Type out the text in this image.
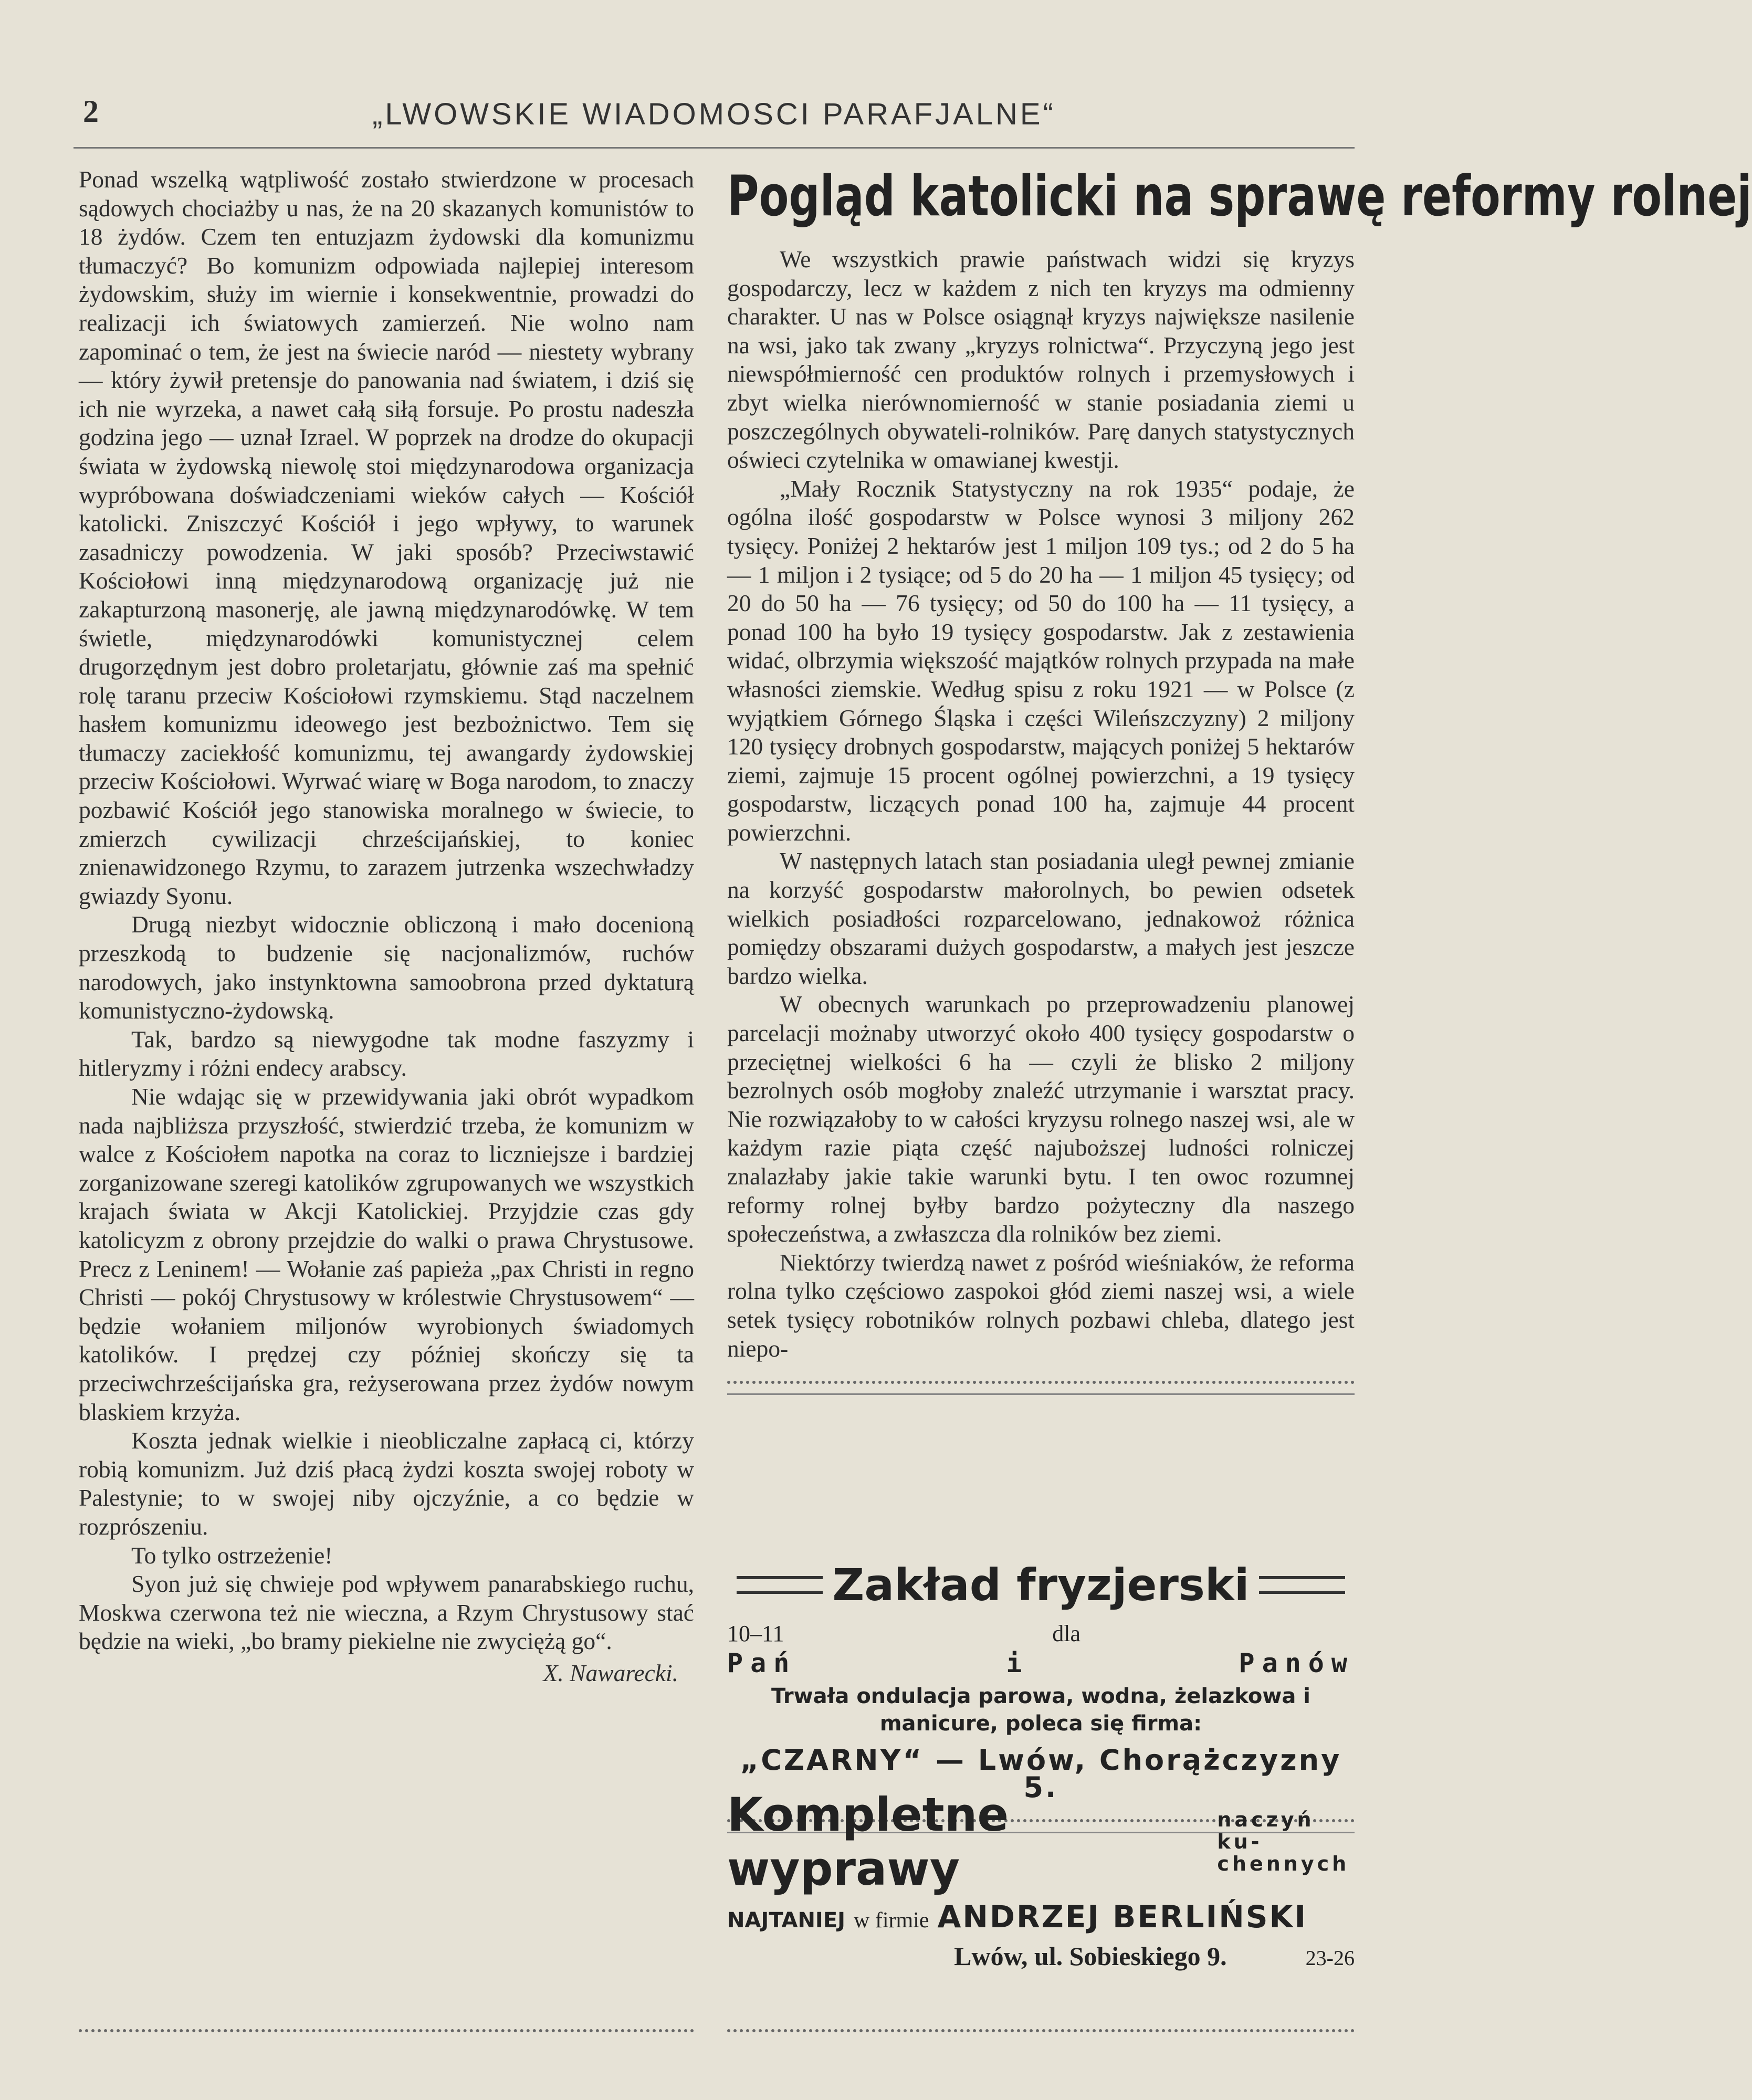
2	„LWOWSKIE WIADOMOSCI PARAFJALNE“

Ponad wszelką wątpliwość zostało stwierdzone w procesach sądowych chociażby u nas, że na 20 skazanych komunistów to 18 żydów. Czem ten entuzjazm żydowski dla komunizmu tłumaczyć? Bo komunizm odpowiada najlepiej interesom żydowskim, służy im wiernie i konsekwentnie, prowadzi do realizacji ich światowych zamierzeń. Nie wolno nam zapominać o tem, że jest na świecie naród — niestety wybrany — który żywił pretensje do panowania nad światem, i dziś się ich nie wyrzeka, a nawet całą siłą forsuje. Po prostu nadeszła godzina jego — uznał Izrael. W poprzek na drodze do okupacji świata w żydowską niewolę stoi międzynarodowa organizacja wypróbowana doświadczeniami wieków całych — Kościół katolicki. Zniszczyć Kościół i jego wpływy, to warunek zasadniczy powodzenia. W jaki sposób? Przeciwstawić Kościołowi inną międzynarodową organizację już nie zakapturzoną masonerję, ale jawną międzynarodówkę. W tem świetle, międzynarodówki komunistycznej celem drugorzędnym jest dobro proletarjatu, głównie zaś ma spełnić rolę taranu przeciw Kościołowi rzymskiemu. Stąd naczelnem hasłem komunizmu ideowego jest bezbożnictwo. Tem się tłumaczy zaciekłość komunizmu, tej awangardy żydowskiej przeciw Kościołowi. Wyrwać wiarę w Boga narodom, to znaczy pozbawić Kościół jego stanowiska moralnego w świecie, to zmierzch cywilizacji chrześcijańskiej, to koniec znienawidzonego Rzymu, to zarazem jutrzenka wszechwładzy gwiazdy Syonu.

Drugą niezbyt widocznie obliczoną i mało docenioną przeszkodą to budzenie się nacjonalizmów, ruchów narodowych, jako instynktowna samoobrona przed dyktaturą komunistyczno-żydowską.

Tak, bardzo są niewygodne tak modne faszyzmy i hitleryzmy i różni endecy arabscy.

Nie wdając się w przewidywania jaki obrót wypadkom nada najbliższa przyszłość, stwierdzić trzeba, że komunizm w walce z Kościołem napotka na coraz to liczniejsze i bardziej zorganizowane szeregi katolików zgrupowanych we wszystkich krajach świata w Akcji Katolickiej. Przyjdzie czas gdy katolicyzm z obrony przejdzie do walki o prawa Chrystusowe. Precz z Leninem! — Wołanie zaś papieża „pax Christi in regno Christi — pokój Chrystusowy w królestwie Chrystusowem“ — będzie wołaniem miljonów wyrobionych świadomych katolików. I prędzej czy później skończy się ta przeciwchrześcijańska gra, reżyserowana przez żydów nowym blaskiem krzyża.

Koszta jednak wielkie i nieobliczalne zapłacą ci, którzy robią komunizm. Już dziś płacą żydzi koszta swojej roboty w Palestynie; to w swojej niby ojczyźnie, a co będzie w rozprószeniu.

To tylko ostrzeżenie!

Syon już się chwieje pod wpływem panarabskiego ruchu, Moskwa czerwona też nie wieczna, a Rzym Chrystusowy stać będzie na wieki, „bo bramy piekielne nie zwyciężą go“.

X. Nawarecki.
Pogląd katolicki na sprawę reformy rolnej

We wszystkich prawie państwach widzi się kryzys gospodarczy, lecz w każdem z nich ten kryzys ma odmienny charakter. U nas w Polsce osiągnął kryzys największe nasilenie na wsi, jako tak zwany „kryzys rolnictwa“. Przyczyną jego jest niewspółmierność cen produktów rolnych i przemysłowych i zbyt wielka nierównomierność w stanie posiadania ziemi u poszczególnych obywateli-rolników. Parę danych statystycznych oświeci czytelnika w omawianej kwestji.

„Mały Rocznik Statystyczny na rok 1935“ podaje, że ogólna ilość gospodarstw w Polsce wynosi 3 miljony 262 tysięcy. Poniżej 2 hektarów jest 1 miljon 109 tys.; od 2 do 5 ha — 1 miljon i 2 tysiące; od 5 do 20 ha — 1 miljon 45 tysięcy; od 20 do 50 ha — 76 tysięcy; od 50 do 100 ha — 11 tysięcy, a ponad 100 ha było 19 tysięcy gospodarstw. Jak z zestawienia widać, olbrzymia większość majątków rolnych przypada na małe własności ziemskie. Według spisu z roku 1921 — w Polsce (z wyjątkiem Górnego Śląska i części Wileńszczyzny) 2 miljony 120 tysięcy drobnych gospodarstw, mających poniżej 5 hektarów ziemi, zajmuje 15 procent ogólnej powierzchni, a 19 tysięcy gospodarstw, liczących ponad 100 ha, zajmuje 44 procent powierzchni.

W następnych latach stan posiadania uległ pewnej zmianie na korzyść gospodarstw małorolnych, bo pewien odsetek wielkich posiadłości rozparcelowano, jednakowoż różnica pomiędzy obszarami dużych gospodarstw, a małych jest jeszcze bardzo wielka.

W obecnych warunkach po przeprowadzeniu planowej parcelacji możnaby utworzyć około 400 tysięcy gospodarstw o przeciętnej wielkości 6 ha — czyli że blisko 2 miljony bezrolnych osób mogłoby znaleźć utrzymanie i warsztat pracy. Nie rozwiązałoby to w całości kryzysu rolnego naszej wsi, ale w każdym razie piąta część najuboższej ludności rolniczej znalazłaby jakie takie warunki bytu. I ten owoc rozumnej reformy rolnej byłby bardzo pożyteczny dla naszego społeczeństwa, a zwłaszcza dla rolników bez ziemi.

Niektórzy twierdzą nawet z pośród wieśniaków, że reforma rolna tylko częściowo zaspokoi głód ziemi naszej wsi, a wiele setek tysięcy robotników rolnych pozbawi chleba, dlatego jest niepo-

Zakład fryzjerski
10–11	dla

Pań	i	Panów
Trwała ondulacja parowa, wodna, żelazkowa i manicure, poleca się firma:
„CZARNY“ — Lwów, Chorążczyzny 5.
Kompletne wyprawy
naczyń ku-
chennych
NAJTANIEJ w firmie ANDRZEJ BERLIŃSKI
Lwów, ul. Sobieskiego 9.	23-26
